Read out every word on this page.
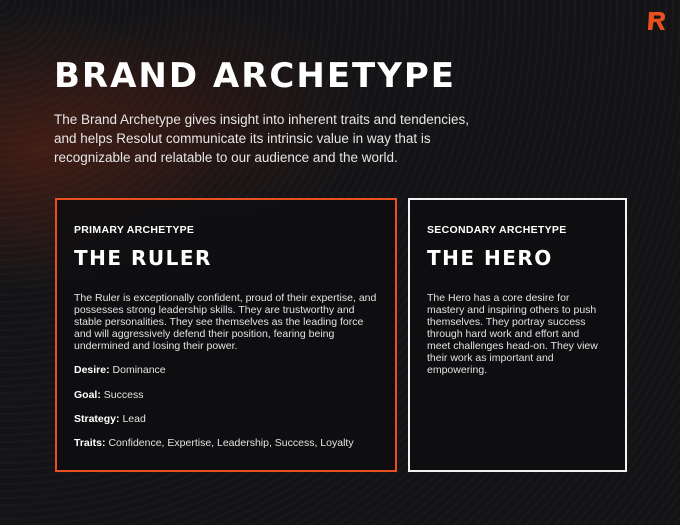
BRAND ARCHETYPE

The Brand Archetype gives insight into inherent traits and tendencies, and helps Resolut communicate its intrinsic value in way that is recognizable and relatable to our audience and the world.

PRIMARY ARCHETYPE
THE RULER

The Ruler is exceptionally confident, proud of their expertise, and possesses strong leadership skills. They are trustworthy and stable personalities. They see themselves as the leading force and will aggressively defend their position, fearing being undermined and losing their power.

Desire: Dominance

Goal: Success

Strategy: Lead

Traits: Confidence, Expertise, Leadership, Success, Loyalty

SECONDARY ARCHETYPE
THE HERO

The Hero has a core desire for mastery and inspiring others to push themselves. They portray success through hard work and effort and meet challenges head-on. They view their work as important and empowering.
